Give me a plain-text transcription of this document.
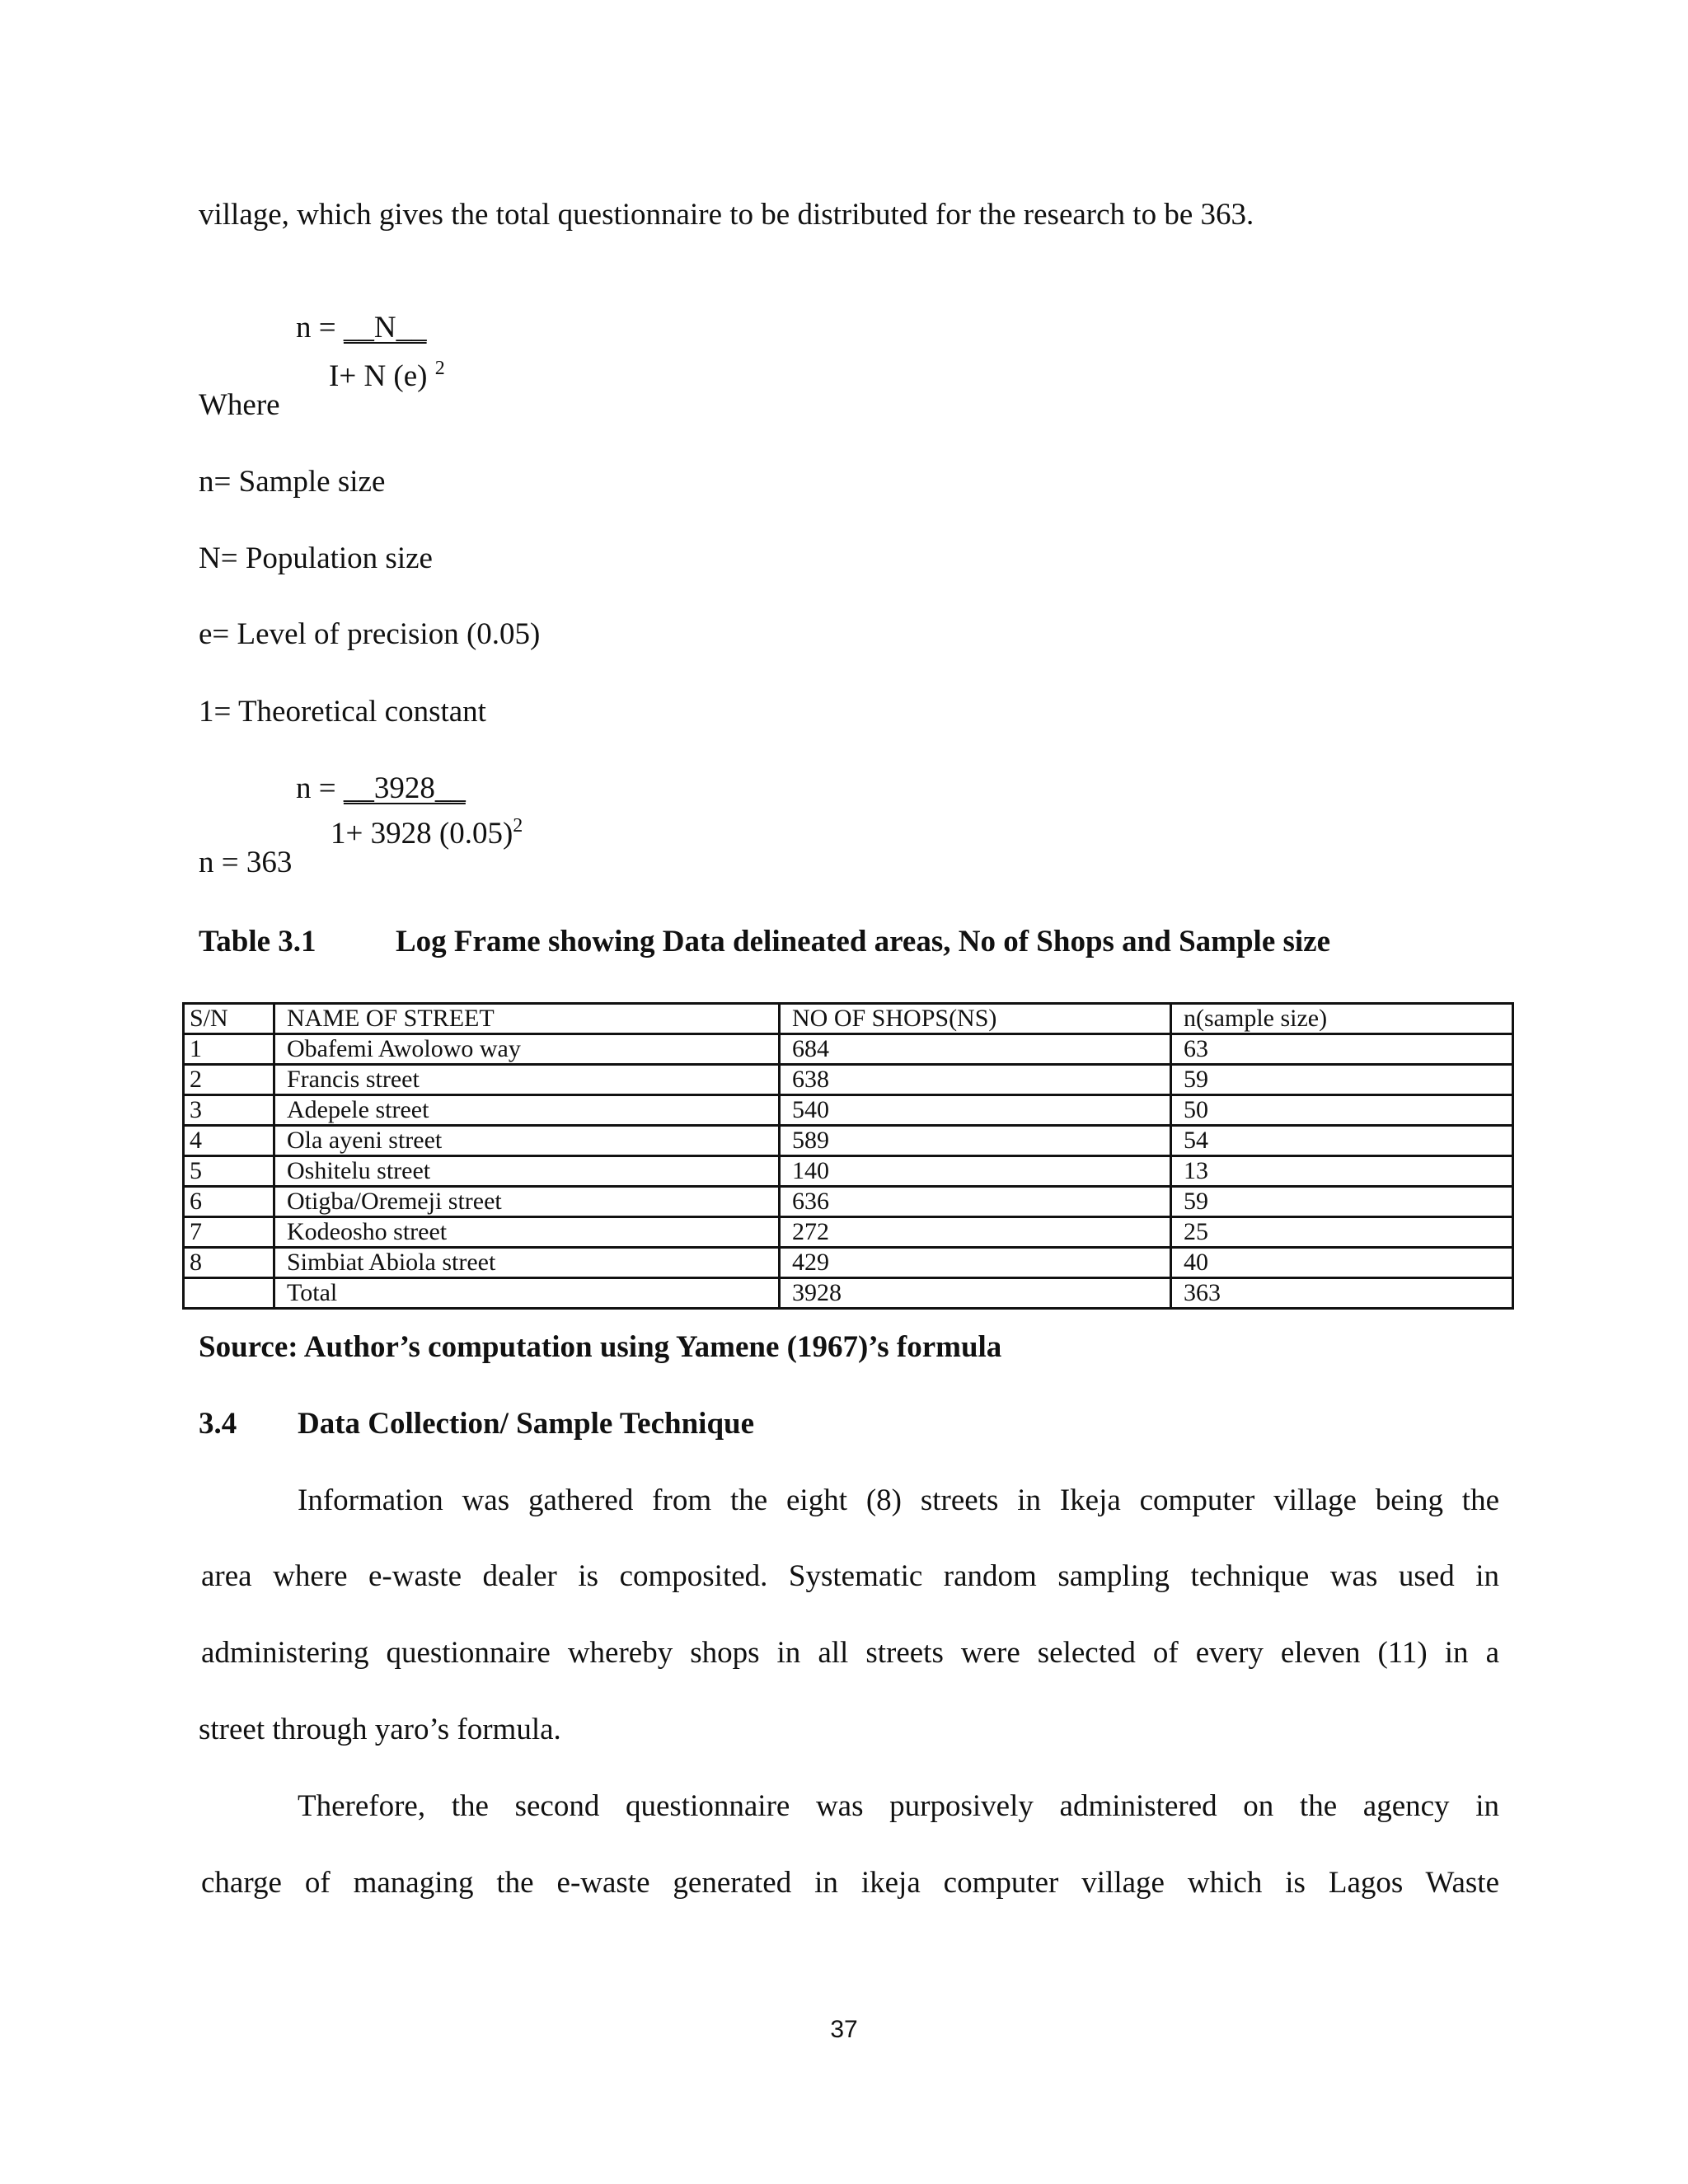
village, which gives the total questionnaire to be distributed for the research to be 363.
n = __N__
I+ N (e) $^2$
Where
n= Sample size
N= Population size
e= Level of precision (0.05)
1= Theoretical constant
n = __3928__
1+ 3928 $(0.05)^2$
n = 363
Table 3.1	Log Frame showing Data delineated areas, No of Shops and Sample size
S/N	NAME OF STREET	NO OF SHOPS(NS)	n(sample size)
1	Obafemi Awolowo way	684	63
2	Francis street	638	59
3	Adepele street	540	50
4	Ola ayeni street	589	54
5	Oshitelu street	140	13
6	Otigba/Oremeji street	636	59
7	Kodeosho street	272	25
8	Simbiat Abiola street	429	40
	Total	3928	363
Source: Author’s computation using Yamene (1967)’s formula
3.4 Data Collection/ Sample Technique
Information was gathered from the eight (8) streets in Ikeja computer village being the
area where e-waste dealer is composited. Systematic random sampling technique was used in
administering questionnaire whereby shops in all streets were selected of every eleven (11) in a
street through yaro’s formula.
Therefore, the second questionnaire was purposively administered on the agency in
charge of managing the e-waste generated in ikeja computer village which is Lagos Waste
37
